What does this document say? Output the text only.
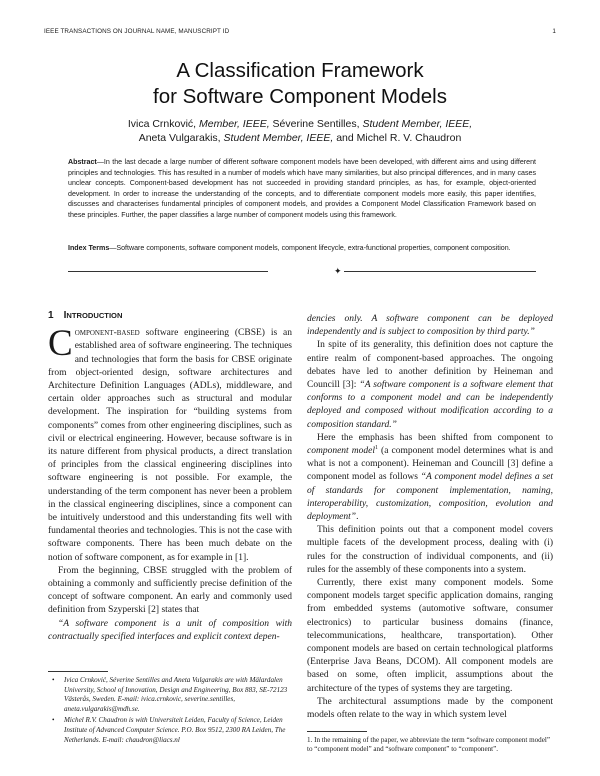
IEEE TRANSACTIONS ON JOURNAL NAME, MANUSCRIPT ID	1
A Classification Framework
for Software Component Models
Ivica Crnković, Member, IEEE, Séverine Sentilles, Student Member, IEEE,
Aneta Vulgarakis, Student Member, IEEE, and Michel R. V. Chaudron
Abstract—In the last decade a large number of different software component models have been developed, with different aims and using different principles and technologies. This has resulted in a number of models which have many similarities, but also principal differences, and in many cases unclear concepts. Component-based development has not succeeded in providing standard principles, as has, for example, object-oriented development. In order to increase the understanding of the concepts, and to differentiate component models more easily, this paper identifies, discusses and characterises fundamental principles of component models, and provides a Component Model Classification Framework based on these principles. Further, the paper classifies a large number of component models using this framework.
Index Terms—Software components, software component models, component lifecycle, extra-functional properties, component composition.
✦
1 INTRODUCTION

Component-based software engineering (CBSE) is an established area of software engineering. The techniques and technologies that form the basis for CBSE originate from object-oriented design, software architectures and Architecture Definition Languages (ADLs), middleware, and certain older approaches such as structural and modular development. The inspiration for “building systems from components” comes from other engineering disciplines, such as civil or electrical engineering. However, because software is in its nature different from physical products, a direct translation of principles from the classical engineering disciplines into software engineering is not possible. For example, the understanding of the term component has never been a problem in the classical engineering disciplines, since a component can be intuitively understood and this understanding fits well with fundamental theories and technologies. This is not the case with software components. There has been much debate on the notion of software component, as for example in [1].

From the beginning, CBSE struggled with the problem of obtaining a commonly and sufficiently precise definition of the concept of software component. An early and commonly used definition from Szyperski [2] states that

“A software component is a unit of composition with contractually specified interfaces and explicit context depen-

dencies only. A software component can be deployed independently and is subject to composition by third party.”

In spite of its generality, this definition does not capture the entire realm of component-based approaches. The ongoing debates have led to another definition by Heineman and Councill [3]: “A software component is a software element that conforms to a component model and can be independently deployed and composed without modification according to a composition standard.”

Here the emphasis has been shifted from component to component model$^1$ (a component model determines what is and what is not a component). Heineman and Councill [3] define a component model as follows “A component model defines a set of standards for component implementation, naming, interoperability, customization, composition, evolution and deployment”.

This definition points out that a component model covers multiple facets of the development process, dealing with (i) rules for the construction of individual components, and (ii) rules for the assembly of these components into a system.

Currently, there exist many component models. Some component models target specific application domains, ranging from embedded systems (automotive software, consumer electronics) to particular business domains (finance, telecommunications, healthcare, transportation). Other component models are based on certain technological platforms (Enterprise Java Beans, DCOM). All component models are based on some, often implicit, assumptions about the architecture of the types of systems they are targeting.

The architectural assumptions made by the component models often relate to the way in which system level

•	Ivica Crnković, Séverine Sentilles and Aneta Vulgarakis are with Mälardalen University, School of Innovation, Design and Engineering, Box 883, SE-72123 Västerås, Sweden. E-mail: ivica.crnkovic, severine.sentilles, aneta.vulgarakis@mdh.se.
•	Michel R.V. Chaudron is with Universiteit Leiden, Faculty of Science, Leiden Institute of Advanced Computer Science. P.O. Box 9512, 2300 RA Leiden, The Netherlands. E-mail: chaudron@liacs.nl	1. In the remaining of the paper, we abbreviate the term “software component model” to “component model” and “software component” to “component”.
